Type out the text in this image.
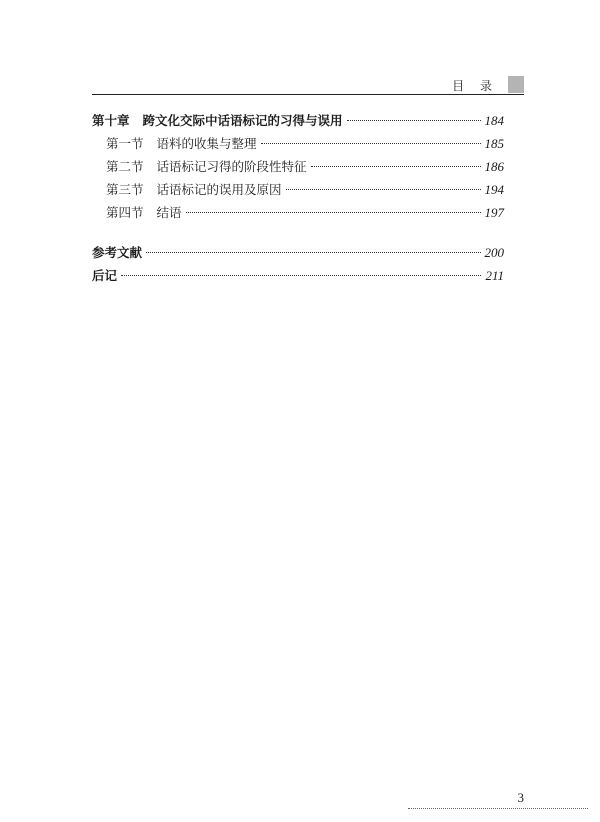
目 录
第十章 跨文化交际中话语标记的习得与误用	184
第一节 语料的收集与整理	185
第二节 话语标记习得的阶段性特征	186
第三节 话语标记的误用及原因	194
第四节 结语	197
参考文献	200
后记	211
3
